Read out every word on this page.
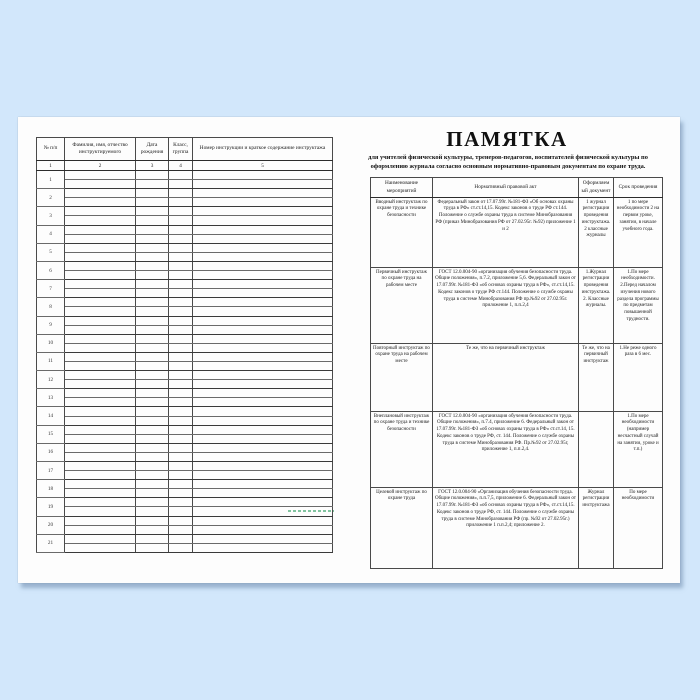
№ п/п	Фамилия, имя, отчество инструктируемого	Дата рождения	Класс, группа	Номер инструкции и краткое содержание инструктажа
1	2	3	4	5
1				

2				

3				

4				

5				

6				

7				

8				

9				

10				

11				

12				

13				

14				

15				

16				

17				

18				

19				

20				

21				

ПАМЯТКА
для учителей физической культуры, тренеров-педагогов, воспитателей физической культуры по
оформлению журнала согласно основным нормативно-правовым документам по охране труда.
Наименование мероприятий	Нормативный правовой акт	Оформляемый документ	Срок проведения
Вводный инструктаж по охране труда и технике безопасности	Федеральный закон от 17.07.99г. №181-ФЗ «Об основах охраны труда в РФ» ст.ст.14,15. Кодекс законов о труде РФ ст.144. Положение о службе охраны труда в системе Минобразования РФ (приказ Минобразования РФ от 27.02.95г. №92) приложение 1 и 2	1 журнал регистрации проведения инструктажа. 2 классные журналы	1 по мере необходимости 2 на первом уроке, занятии, в начале учебного года.
Первичный инструктаж по охране труда на рабочем месте	ГОСТ 12.0.004-90 «организация обучения безопасности труда. Общие положения», п.7.2, приложение 5,6. Федеральный закон от 17.07.99г. №181-ФЗ «об основах охраны труда в РФ», ст.ст.14,15. Кодекс законов о труде РФ ст.144. Положение о службе охраны труда в системе Минобразования РФ пр.№92 от 27.02.95г. приложение 1, п.п.2,4	1.Журнал регистрации проведения инструктажа. 2. Классные журналы.	1.По мере необходимости. 2.Перед началом изучения нового раздела программы по предметам повышенной трудности.
Повторный инструктаж по охране труда на рабочем месте	Те же, что на первичный инструктаж	Те же, что на первичный инструктаж	1.Не реже одного раза в 6 мес.
Внеплановый инструктаж по охране труда и технике безопасности	ГОСТ 12.0.004-90 «организация обучения безопасности труда. Общие положения», п.7.4, приложение 6. Федеральный закон от 17.07.99г. №181-ФЗ «об основах охраны труда в РФ» ст.ст.14, 15. Кодекс законов о труде РФ, ст. 144. Положение о службе охраны труда в системе Минобразования РФ. Пр.№92 от 27.02.95г, приложение 1, п.п.2,4.		1.По мере необходимости (например несчастный случай на занятии, уроке и т.п.)
Целевой инструктаж по охране труда	ГОСТ 12.0.004-90 «Организация обучения безопасности труда. Общие положения», п.п.7,5, приложение 6. Федеральный закон от 17.07.99г. №181-ФЗ «об основах охраны труда в РФ», ст.ст.14,15. Кодекс законов о труде РФ, ст. 144. Положение о службе охраны труда в системе Минобразования РФ (пр. №92 от 27.02.95г.) приложение 1 п.п.2,4; приложение 2.	Журнал регистрации инструктажа	По мере необходимости
